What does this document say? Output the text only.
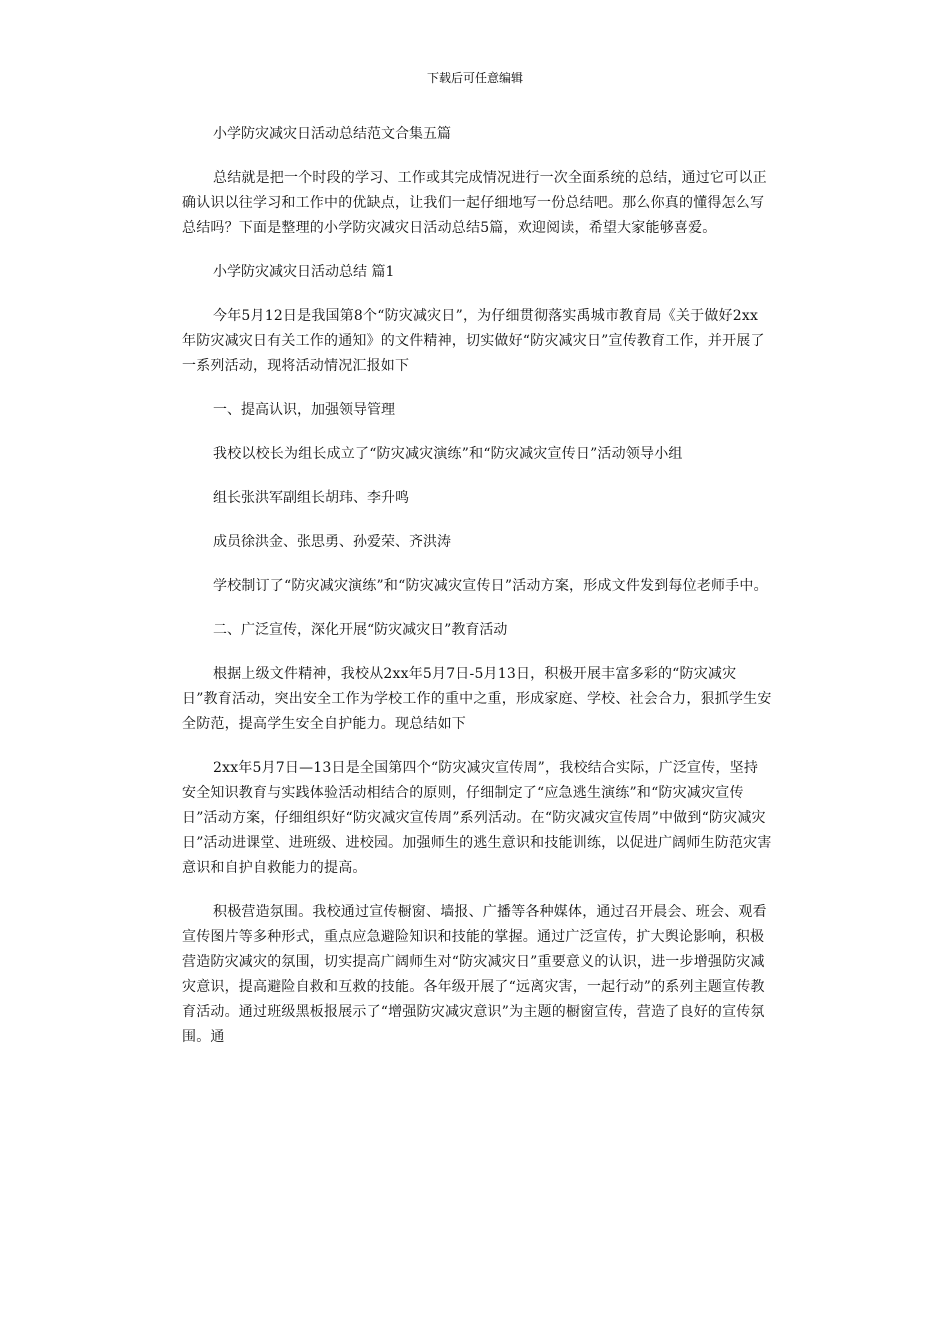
下载后可任意编辑
小学防灾减灾日活动总结范文合集五篇
总结就是把一个时段的学习、工作或其完成情况进行一次全面系统的总结，通过它可以正确认识以往学习和工作中的优缺点，让我们一起仔细地写一份总结吧。那么你真的懂得怎么写总结吗？下面是整理的小学防灾减灾日活动总结5篇，欢迎阅读，希望大家能够喜爱。
小学防灾减灾日活动总结 篇1
今年5月12日是我国第8个“防灾减灾日”，为仔细贯彻落实禹城市教育局《关于做好2xx年防灾减灾日有关工作的通知》的文件精神，切实做好“防灾减灾日”宣传教育工作，并开展了一系列活动，现将活动情况汇报如下
一、提高认识，加强领导管理
我校以校长为组长成立了“防灾减灾演练”和“防灾减灾宣传日”活动领导小组
组长张洪军副组长胡玮、李升鸣
成员徐洪金、张思勇、孙爱荣、齐洪涛
学校制订了“防灾减灾演练”和“防灾减灾宣传日”活动方案，形成文件发到每位老师手中。
二、广泛宣传，深化开展“防灾减灾日”教育活动
根据上级文件精神，我校从2xx年5月7日-5月13日，积极开展丰富多彩的“防灾减灾日”教育活动，突出安全工作为学校工作的重中之重，形成家庭、学校、社会合力，狠抓学生安全防范，提高学生安全自护能力。现总结如下
2xx年5月7日—13日是全国第四个“防灾减灾宣传周”，我校结合实际，广泛宣传，坚持安全知识教育与实践体验活动相结合的原则，仔细制定了“应急逃生演练”和“防灾减灾宣传日”活动方案，仔细组织好“防灾减灾宣传周”系列活动。在“防灾减灾宣传周”中做到“防灾减灾日”活动进课堂、进班级、进校园。加强师生的逃生意识和技能训练，以促进广阔师生防范灾害意识和自护自救能力的提高。
积极营造氛围。我校通过宣传橱窗、墙报、广播等各种媒体，通过召开晨会、班会、观看宣传图片等多种形式，重点应急避险知识和技能的掌握。通过广泛宣传，扩大舆论影响，积极营造防灾减灾的氛围，切实提高广阔师生对“防灾减灾日”重要意义的认识，进一步增强防灾减灾意识，提高避险自救和互救的技能。各年级开展了“远离灾害，一起行动”的系列主题宣传教育活动。通过班级黑板报展示了“增强防灾减灾意识”为主题的橱窗宣传，营造了良好的宣传氛围。通
